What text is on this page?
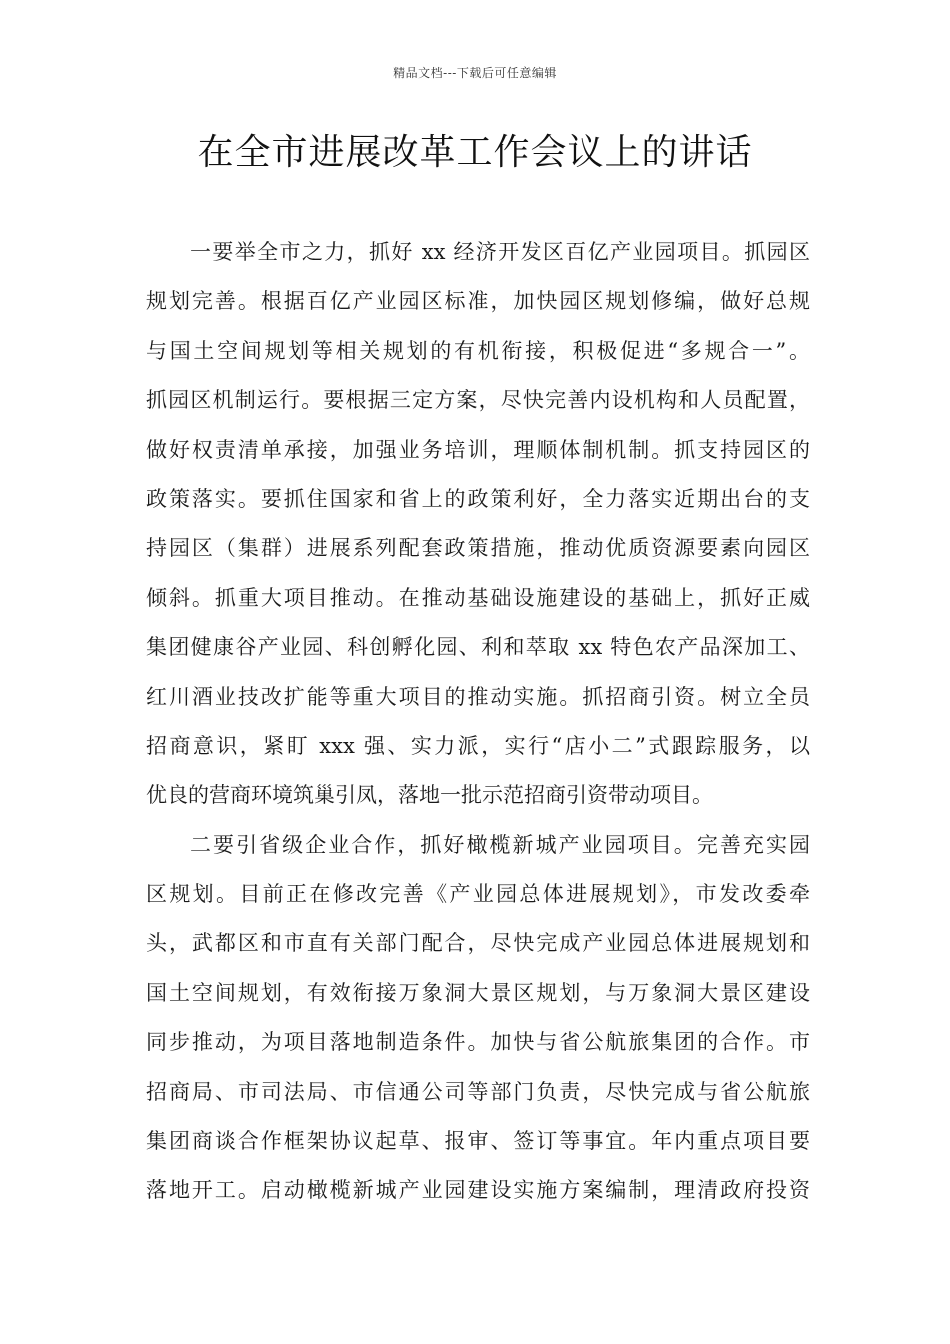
精品文档---下载后可任意编辑
在全市进展改革工作会议上的讲话
一要举全市之力，抓好 xx 经济开发区百亿产业园项目。抓园区
规划完善。根据百亿产业园区标准，加快园区规划修编，做好总规
与国土空间规划等相关规划的有机衔接，积极促进“多规合一”。
抓园区机制运行。要根据三定方案，尽快完善内设机构和人员配置，
做好权责清单承接，加强业务培训，理顺体制机制。抓支持园区的
政策落实。要抓住国家和省上的政策利好，全力落实近期出台的支
持园区（集群）进展系列配套政策措施，推动优质资源要素向园区
倾斜。抓重大项目推动。在推动基础设施建设的基础上，抓好正威
集团健康谷产业园、科创孵化园、利和萃取 xx 特色农产品深加工、
红川酒业技改扩能等重大项目的推动实施。抓招商引资。树立全员
招商意识，紧盯 xxx 强、实力派，实行“店小二”式跟踪服务，以
优良的营商环境筑巢引凤，落地一批示范招商引资带动项目。
二要引省级企业合作，抓好橄榄新城产业园项目。完善充实园
区规划。目前正在修改完善《产业园总体进展规划》，市发改委牵
头，武都区和市直有关部门配合，尽快完成产业园总体进展规划和
国土空间规划，有效衔接万象洞大景区规划，与万象洞大景区建设
同步推动，为项目落地制造条件。加快与省公航旅集团的合作。市
招商局、市司法局、市信通公司等部门负责，尽快完成与省公航旅
集团商谈合作框架协议起草、报审、签订等事宜。年内重点项目要
落地开工。启动橄榄新城产业园建设实施方案编制，理清政府投资
